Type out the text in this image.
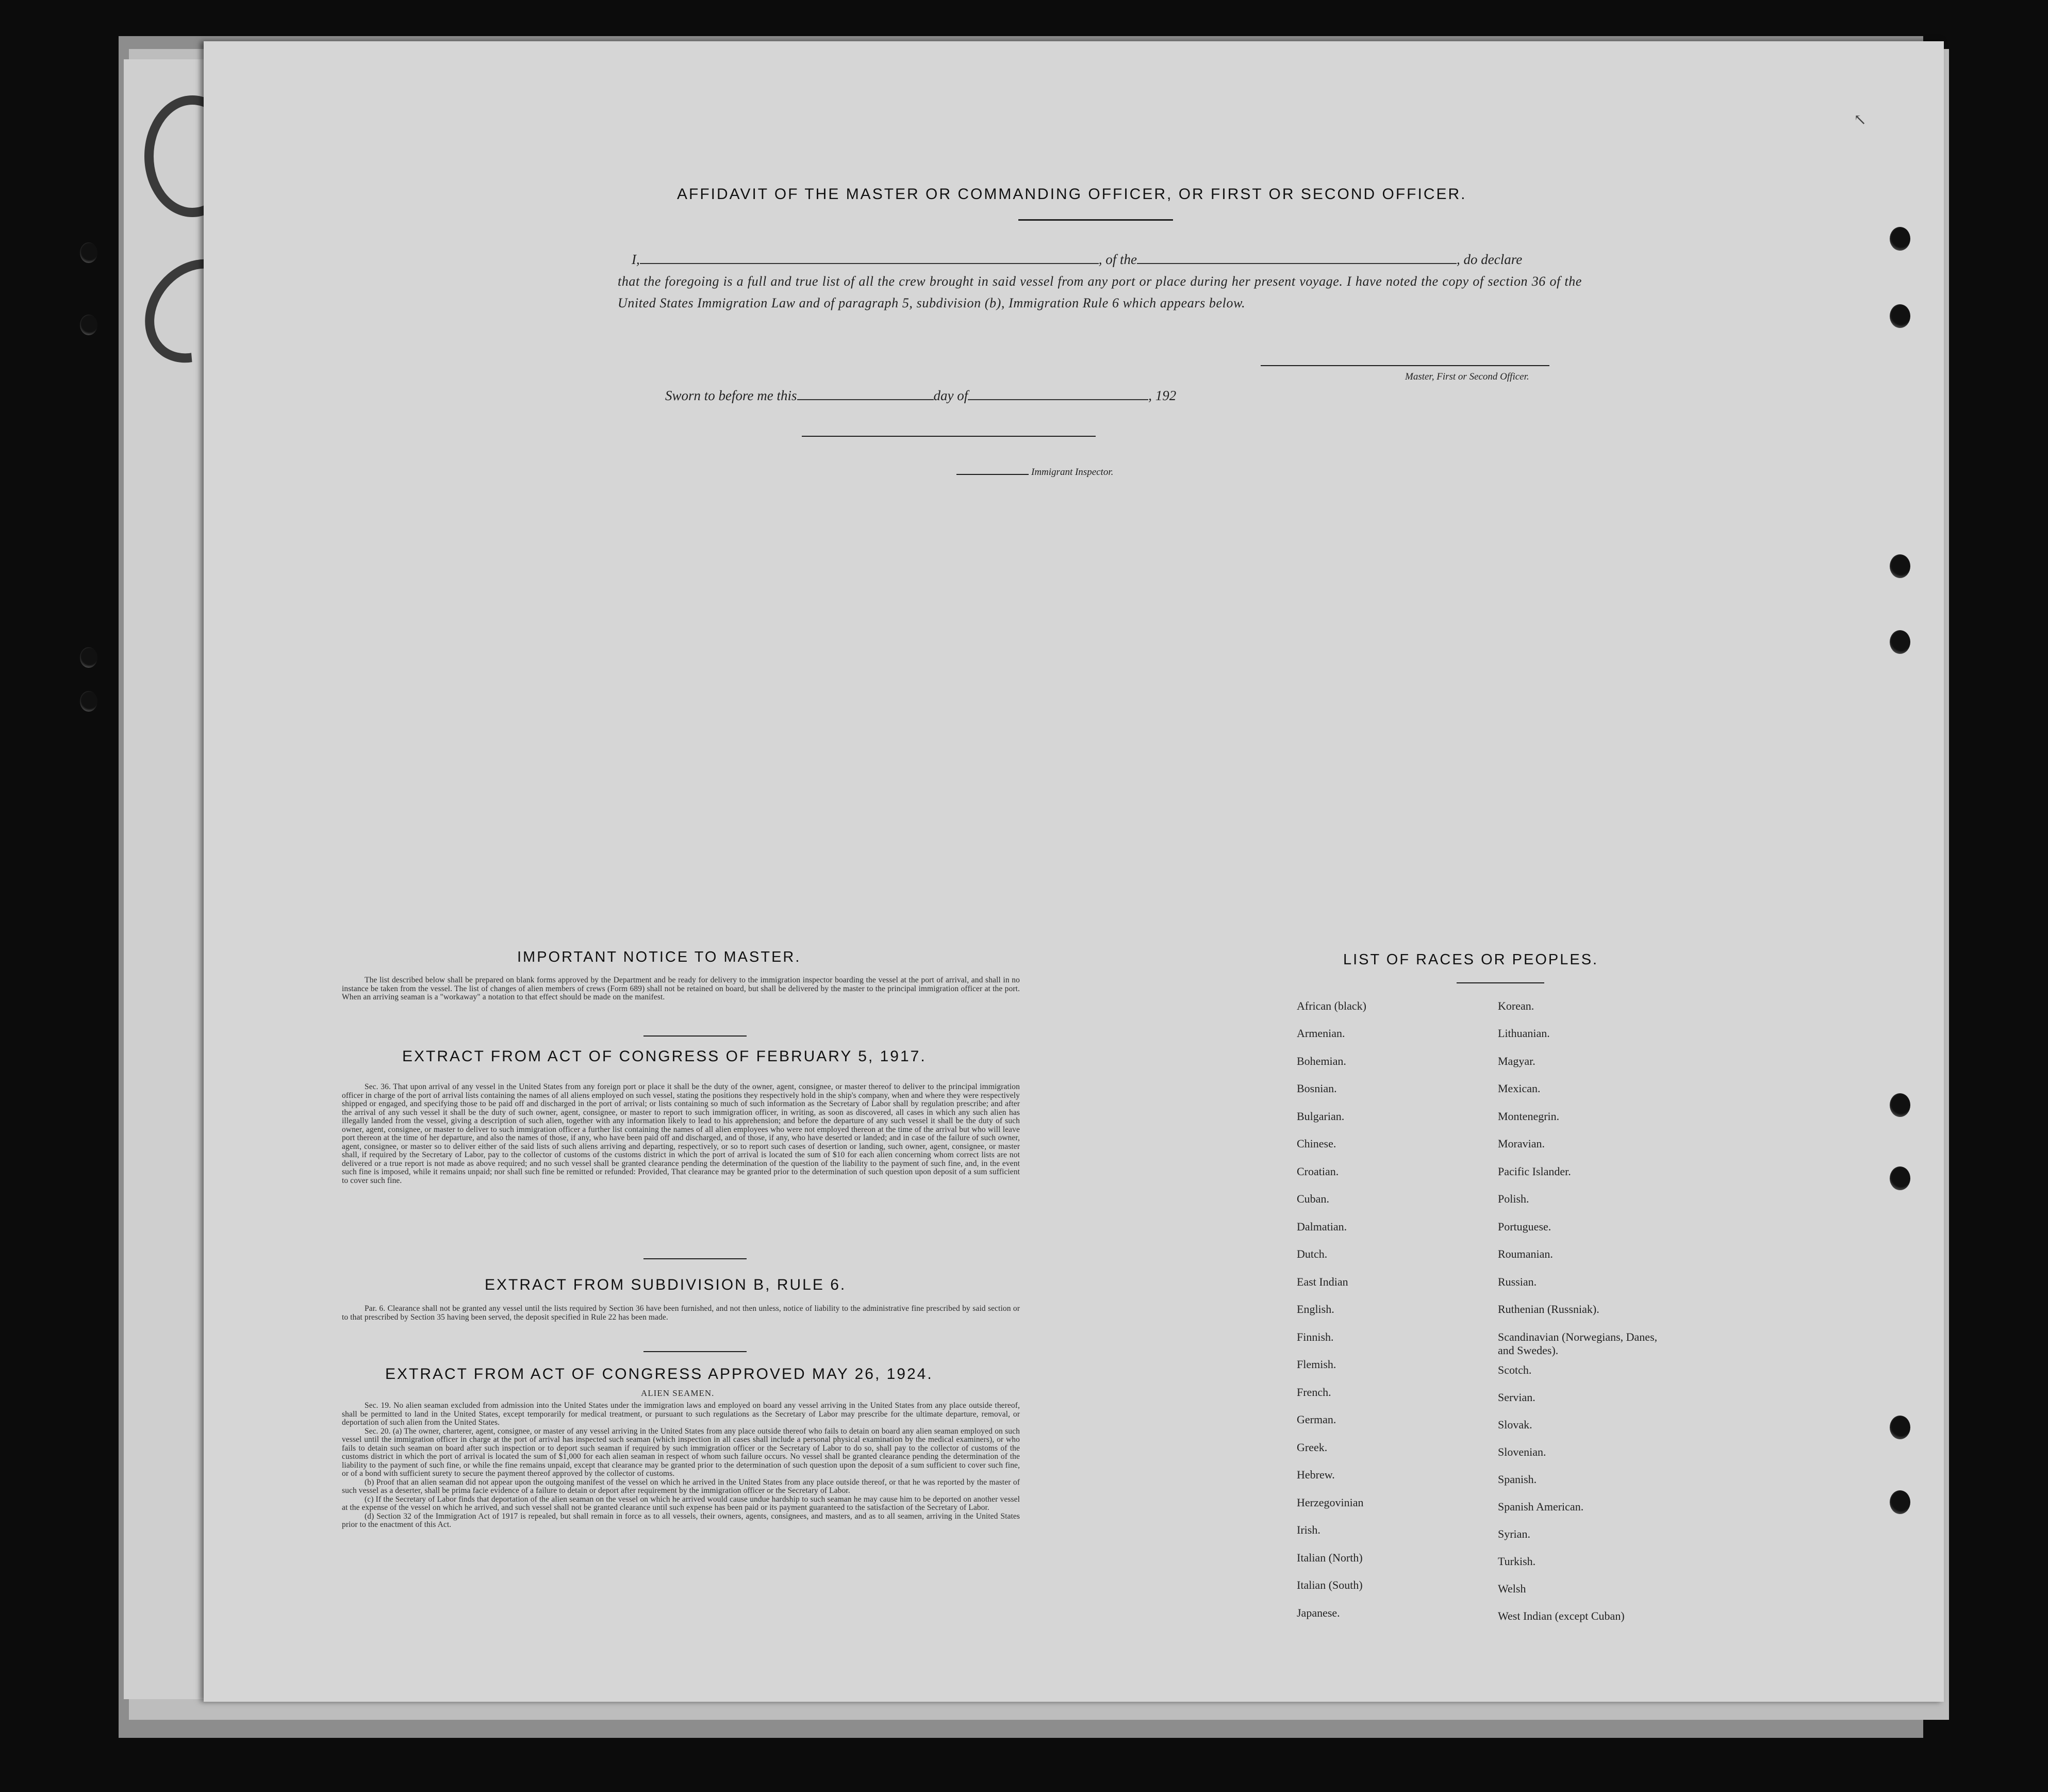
↖
AFFIDAVIT OF THE MASTER OR COMMANDING OFFICER, OR FIRST OR SECOND OFFICER.
I,	, of the	, do declare
that the foregoing is a full and true list of all the crew brought in said vessel from any port or place during her present voyage. I have noted the copy of section 36 of the United States Immigration Law and of paragraph 5, subdivision (b), Immigration Rule 6 which appears below.
Master, First or Second Officer.
Sworn to before me this	day of	, 192
Immigrant Inspector.
IMPORTANT NOTICE TO MASTER.

The list described below shall be prepared on blank forms approved by the Department and be ready for delivery to the immigration inspector boarding the vessel at the port of arrival, and shall in no instance be taken from the vessel. The list of changes of alien members of crews (Form 689) shall not be retained on board, but shall be delivered by the master to the principal immigration officer at the port. When an arriving seaman is a "workaway" a notation to that effect should be made on the manifest.

EXTRACT FROM ACT OF CONGRESS OF FEBRUARY 5, 1917.

Sec. 36. That upon arrival of any vessel in the United States from any foreign port or place it shall be the duty of the owner, agent, consignee, or master thereof to deliver to the principal immigration officer in charge of the port of arrival lists containing the names of all aliens employed on such vessel, stating the positions they respectively hold in the ship's company, when and where they were respectively shipped or engaged, and specifying those to be paid off and discharged in the port of arrival; or lists containing so much of such information as the Secretary of Labor shall by regulation prescribe; and after the arrival of any such vessel it shall be the duty of such owner, agent, consignee, or master to report to such immigration officer, in writing, as soon as discovered, all cases in which any such alien has illegally landed from the vessel, giving a description of such alien, together with any information likely to lead to his apprehension; and before the departure of any such vessel it shall be the duty of such owner, agent, consignee, or master to deliver to such immigration officer a further list containing the names of all alien employees who were not employed thereon at the time of the arrival but who will leave port thereon at the time of her departure, and also the names of those, if any, who have been paid off and discharged, and of those, if any, who have deserted or landed; and in case of the failure of such owner, agent, consignee, or master so to deliver either of the said lists of such aliens arriving and departing, respectively, or so to report such cases of desertion or landing, such owner, agent, consignee, or master shall, if required by the Secretary of Labor, pay to the collector of customs of the customs district in which the port of arrival is located the sum of $10 for each alien concerning whom correct lists are not delivered or a true report is not made as above required; and no such vessel shall be granted clearance pending the determination of the question of the liability to the payment of such fine, and, in the event such fine is imposed, while it remains unpaid; nor shall such fine be remitted or refunded: Provided, That clearance may be granted prior to the determination of such question upon deposit of a sum sufficient to cover such fine.

EXTRACT FROM SUBDIVISION B, RULE 6.

Par. 6. Clearance shall not be granted any vessel until the lists required by Section 36 have been furnished, and not then unless, notice of liability to the administrative fine prescribed by said section or to that prescribed by Section 35 having been served, the deposit specified in Rule 22 has been made.

EXTRACT FROM ACT OF CONGRESS APPROVED MAY 26, 1924.
ALIEN SEAMEN.

Sec. 19. No alien seaman excluded from admission into the United States under the immigration laws and employed on board any vessel arriving in the United States from any place outside thereof, shall be permitted to land in the United States, except temporarily for medical treatment, or pursuant to such regulations as the Secretary of Labor may prescribe for the ultimate departure, removal, or deportation of such alien from the United States.

Sec. 20. (a) The owner, charterer, agent, consignee, or master of any vessel arriving in the United States from any place outside thereof who fails to detain on board any alien seaman employed on such vessel until the immigration officer in charge at the port of arrival has inspected such seaman (which inspection in all cases shall include a personal physical examination by the medical examiners), or who fails to detain such seaman on board after such inspection or to deport such seaman if required by such immigration officer or the Secretary of Labor to do so, shall pay to the collector of customs of the customs district in which the port of arrival is located the sum of $1,000 for each alien seaman in respect of whom such failure occurs. No vessel shall be granted clearance pending the determination of the liability to the payment of such fine, or while the fine remains unpaid, except that clearance may be granted prior to the determination of such question upon the deposit of a sum sufficient to cover such fine, or of a bond with sufficient surety to secure the payment thereof approved by the collector of customs.

(b) Proof that an alien seaman did not appear upon the outgoing manifest of the vessel on which he arrived in the United States from any place outside thereof, or that he was reported by the master of such vessel as a deserter, shall be prima facie evidence of a failure to detain or deport after requirement by the immigration officer or the Secretary of Labor.

(c) If the Secretary of Labor finds that deportation of the alien seaman on the vessel on which he arrived would cause undue hardship to such seaman he may cause him to be deported on another vessel at the expense of the vessel on which he arrived, and such vessel shall not be granted clearance until such expense has been paid or its payment guaranteed to the satisfaction of the Secretary of Labor.

(d) Section 32 of the Immigration Act of 1917 is repealed, but shall remain in force as to all vessels, their owners, agents, consignees, and masters, and as to all seamen, arriving in the United States prior to the enactment of this Act.

LIST OF RACES OR PEOPLES.
African (black)
Armenian.
Bohemian.
Bosnian.
Bulgarian.
Chinese.
Croatian.
Cuban.
Dalmatian.
Dutch.
East Indian
English.
Finnish.
Flemish.
French.
German.
Greek.
Hebrew.
Herzegovinian
Irish.
Italian (North)
Italian (South)
Japanese.
Korean.
Lithuanian.
Magyar.
Mexican.
Montenegrin.
Moravian.
Pacific Islander.
Polish.
Portuguese.
Roumanian.
Russian.
Ruthenian (Russniak).
Scandinavian (Norwegians, Danes, and Swedes).
Scotch.
Servian.
Slovak.
Slovenian.
Spanish.
Spanish American.
Syrian.
Turkish.
Welsh
West Indian (except Cuban)
